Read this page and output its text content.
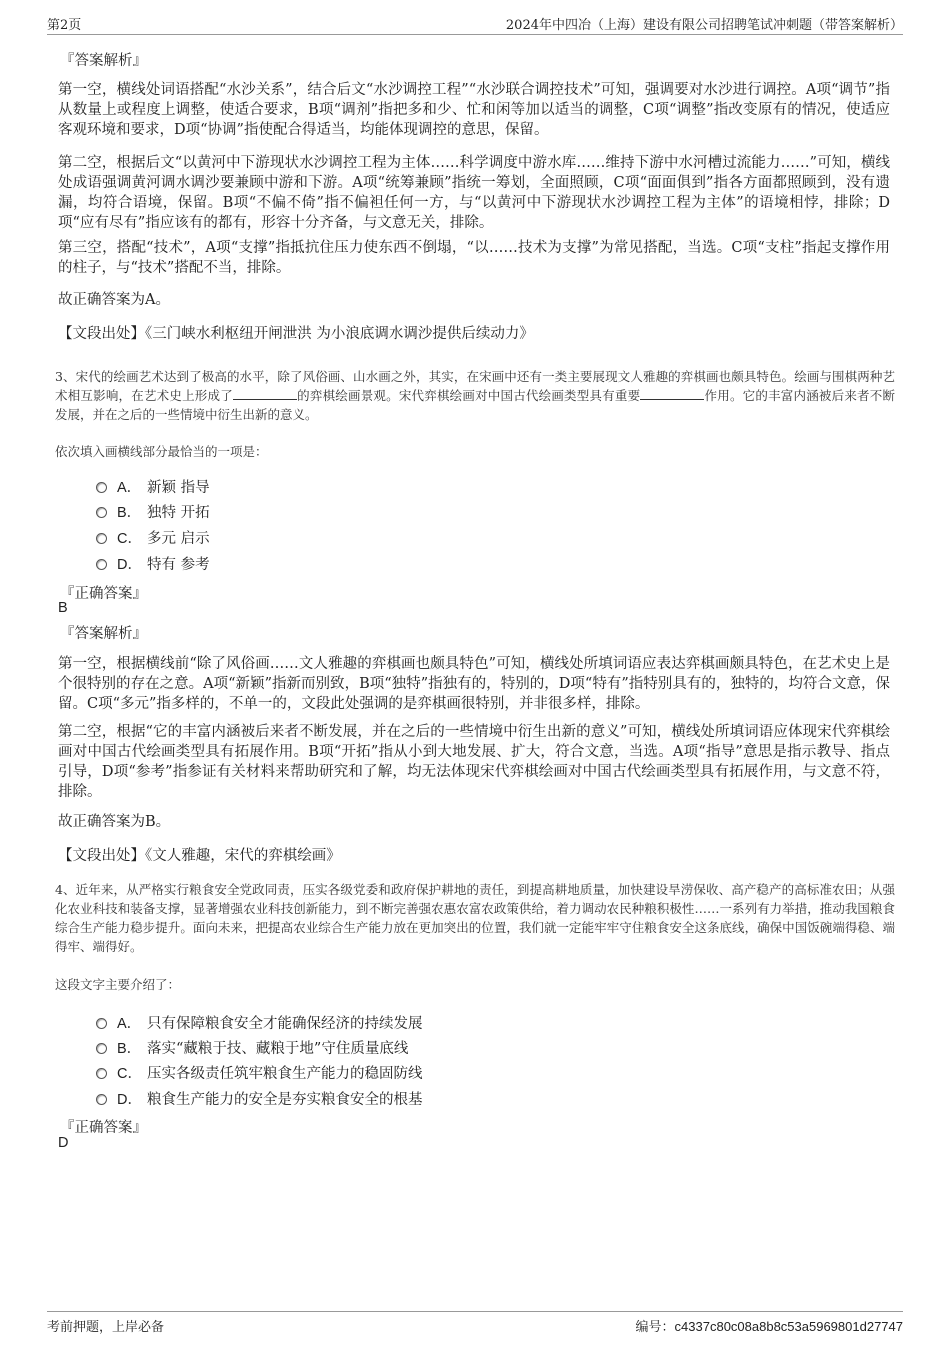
第2页	2024年中四冶（上海）建设有限公司招聘笔试冲刺题（带答案解析）
『答案解析』
第一空，横线处词语搭配“水沙关系”，结合后文“水沙调控工程”“水沙联合调控技术”可知，强调要对水沙进行调控。A项“调节”指从数量上或程度上调整，使适合要求，B项“调剂”指把多和少、忙和闲等加以适当的调整，C项“调整”指改变原有的情况，使适应客观环境和要求，D项“协调”指使配合得适当，均能体现调控的意思，保留。
第二空，根据后文“以黄河中下游现状水沙调控工程为主体……科学调度中游水库……维持下游中水河槽过流能力……”可知，横线处成语强调黄河调水调沙要兼顾中游和下游。A项“统筹兼顾”指统一筹划，全面照顾，C项“面面俱到”指各方面都照顾到，没有遗漏，均符合语境，保留。B项“不偏不倚”指不偏袒任何一方，与“以黄河中下游现状水沙调控工程为主体”的语境相悖，排除；D项“应有尽有”指应该有的都有，形容十分齐备，与文意无关，排除。
第三空，搭配“技术”，A项“支撑”指抵抗住压力使东西不倒塌，“以……技术为支撑”为常见搭配，当选。C项“支柱”指起支撑作用的柱子，与“技术”搭配不当，排除。
故正确答案为A。
【文段出处】《三门峡水利枢纽开闸泄洪 为小浪底调水调沙提供后续动力》
3、宋代的绘画艺术达到了极高的水平，除了风俗画、山水画之外，其实，在宋画中还有一类主要展现文人雅趣的弈棋画也颇具特色。绘画与围棋两种艺术相互影响，在艺术史上形成了	的弈棋绘画景观。宋代弈棋绘画对中国古代绘画类型具有重要	作用。它的丰富内涵被后来者不断发展，并在之后的一些情境中衍生出新的意义。
依次填入画横线部分最恰当的一项是：
A． 新颖 指导
B． 独特 开拓
C． 多元 启示
D． 特有 参考
『正确答案』
B
『答案解析』
第一空，根据横线前“除了风俗画……文人雅趣的弈棋画也颇具特色”可知，横线处所填词语应表达弈棋画颇具特色，在艺术史上是个很特别的存在之意。A项“新颖”指新而别致，B项“独特”指独有的，特别的，D项“特有”指特别具有的，独特的，均符合文意，保留。C项“多元”指多样的，不单一的，文段此处强调的是弈棋画很特别，并非很多样，排除。
第二空，根据“它的丰富内涵被后来者不断发展，并在之后的一些情境中衍生出新的意义”可知，横线处所填词语应体现宋代弈棋绘画对中国古代绘画类型具有拓展作用。B项“开拓”指从小到大地发展、扩大，符合文意，当选。A项“指导”意思是指示教导、指点引导，D项“参考”指参证有关材料来帮助研究和了解，均无法体现宋代弈棋绘画对中国古代绘画类型具有拓展作用，与文意不符，排除。
故正确答案为B。
【文段出处】《文人雅趣，宋代的弈棋绘画》
4、近年来，从严格实行粮食安全党政同责，压实各级党委和政府保护耕地的责任，到提高耕地质量，加快建设旱涝保收、高产稳产的高标准农田；从强化农业科技和装备支撑，显著增强农业科技创新能力，到不断完善强农惠农富农政策供给，着力调动农民种粮积极性……一系列有力举措，推动我国粮食综合生产能力稳步提升。面向未来，把提高农业综合生产能力放在更加突出的位置，我们就一定能牢牢守住粮食安全这条底线，确保中国饭碗端得稳、端得牢、端得好。
这段文字主要介绍了：
A． 只有保障粮食安全才能确保经济的持续发展
B． 落实“藏粮于技、藏粮于地”守住质量底线
C． 压实各级责任筑牢粮食生产能力的稳固防线
D． 粮食生产能力的安全是夯实粮食安全的根基
『正确答案』
D
考前押题，上岸必备	编号：c4337c80c08a8b8c53a5969801d27747
